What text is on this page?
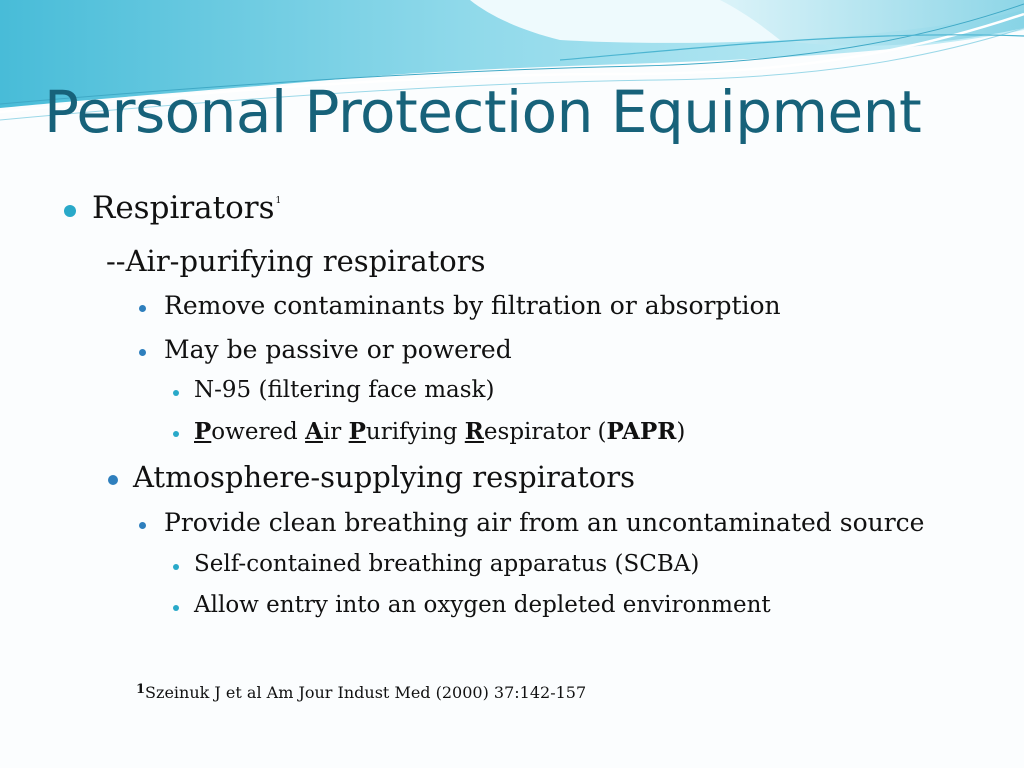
Personal Protection Equipment
Respirators$^1$
--Air-purifying respirators
Remove contaminants by filtration or absorption
May be passive or powered
N-95 (filtering face mask)
Powered Air Purifying Respirator (PAPR)
Atmosphere-supplying respirators
Provide clean breathing air from an uncontaminated source
Self-contained breathing apparatus (SCBA)
Allow entry into an oxygen depleted environment
$^1$Szeinuk J et al Am Jour Indust Med (2000) 37:142-157
